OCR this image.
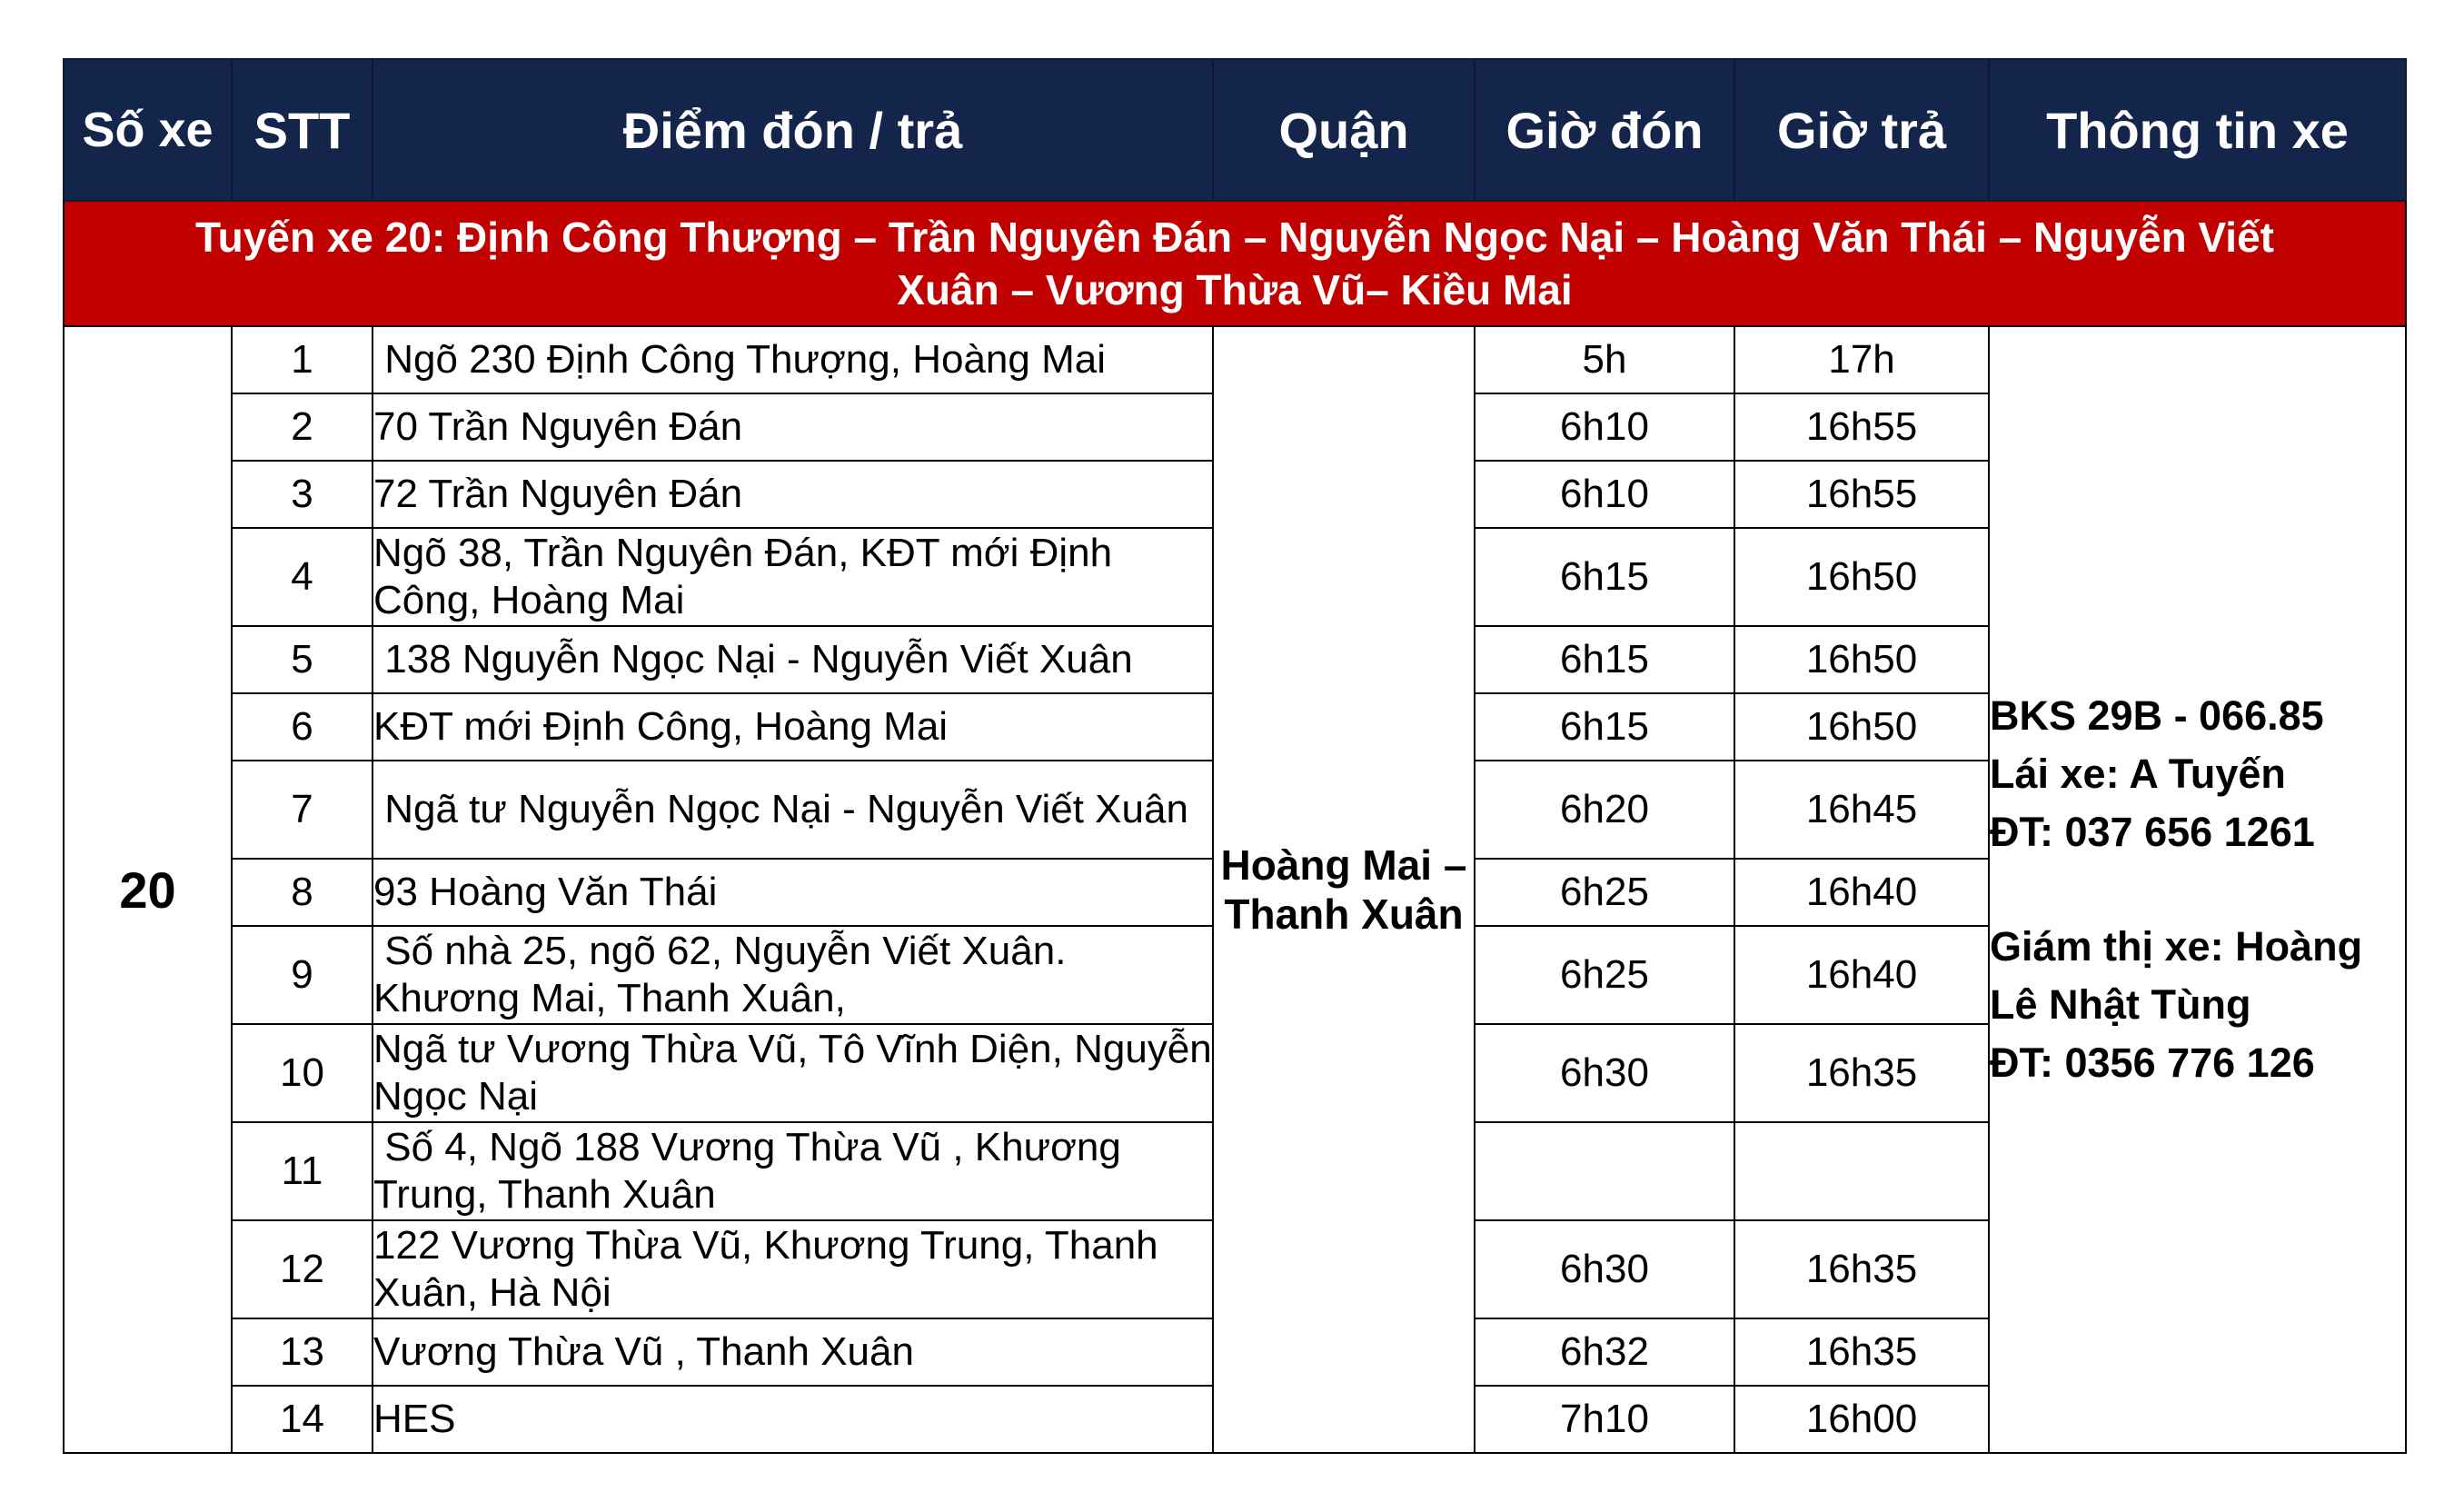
Số xe	STT	Điểm đón / trả	Quận	Giờ đón	Giờ trả	Thông tin xe

Tuyến xe 20: Định Công Thượng – Trần Nguyên Đán – Nguyễn Ngọc Nại – Hoàng Văn Thái – Nguyễn Viết
Xuân – Vương Thừa Vũ– Kiều Mai						

20	1	Ngõ 230 Định Công Thượng, Hoàng Mai	Hoàng Mai – Thanh Xuân	5h	17h	BKS 29B - 066.85
Lái xe: A Tuyến
ĐT: 037 656 1261
Giám thị xe: Hoàng Lê Nhật Tùng
ĐT: 0356 776 126

	2	70 Trần Nguyên Đán		6h10	16h55	
	3	72 Trần Nguyên Đán		6h10	16h55	
	4	Ngõ 38, Trần Nguyên Đán, KĐT mới Định Công, Hoàng Mai		6h15	16h50	
	5	138 Nguyễn Ngọc Nại - Nguyễn Viết Xuân		6h15	16h50	
	6	KĐT mới Định Công, Hoàng Mai		6h15	16h50	
	7	Ngã tư Nguyễn Ngọc Nại - Nguyễn Viết Xuân		6h20	16h45	
	8	93 Hoàng Văn Thái		6h25	16h40	
	9	Số nhà 25, ngõ 62, Nguyễn Viết Xuân. Khương Mai, Thanh Xuân,		6h25	16h40	
	10	Ngã tư Vương Thừa Vũ, Tô Vĩnh Diện, Nguyễn Ngọc Nại		6h30	16h35	
	11	Số 4, Ngõ 188 Vương Thừa Vũ , Khương Trung, Thanh Xuân				
	12	122 Vương Thừa Vũ, Khương Trung, Thanh Xuân, Hà Nội		6h30	16h35	
	13	Vương Thừa Vũ , Thanh Xuân		6h32	16h35	
	14	HES		7h10	16h00	
